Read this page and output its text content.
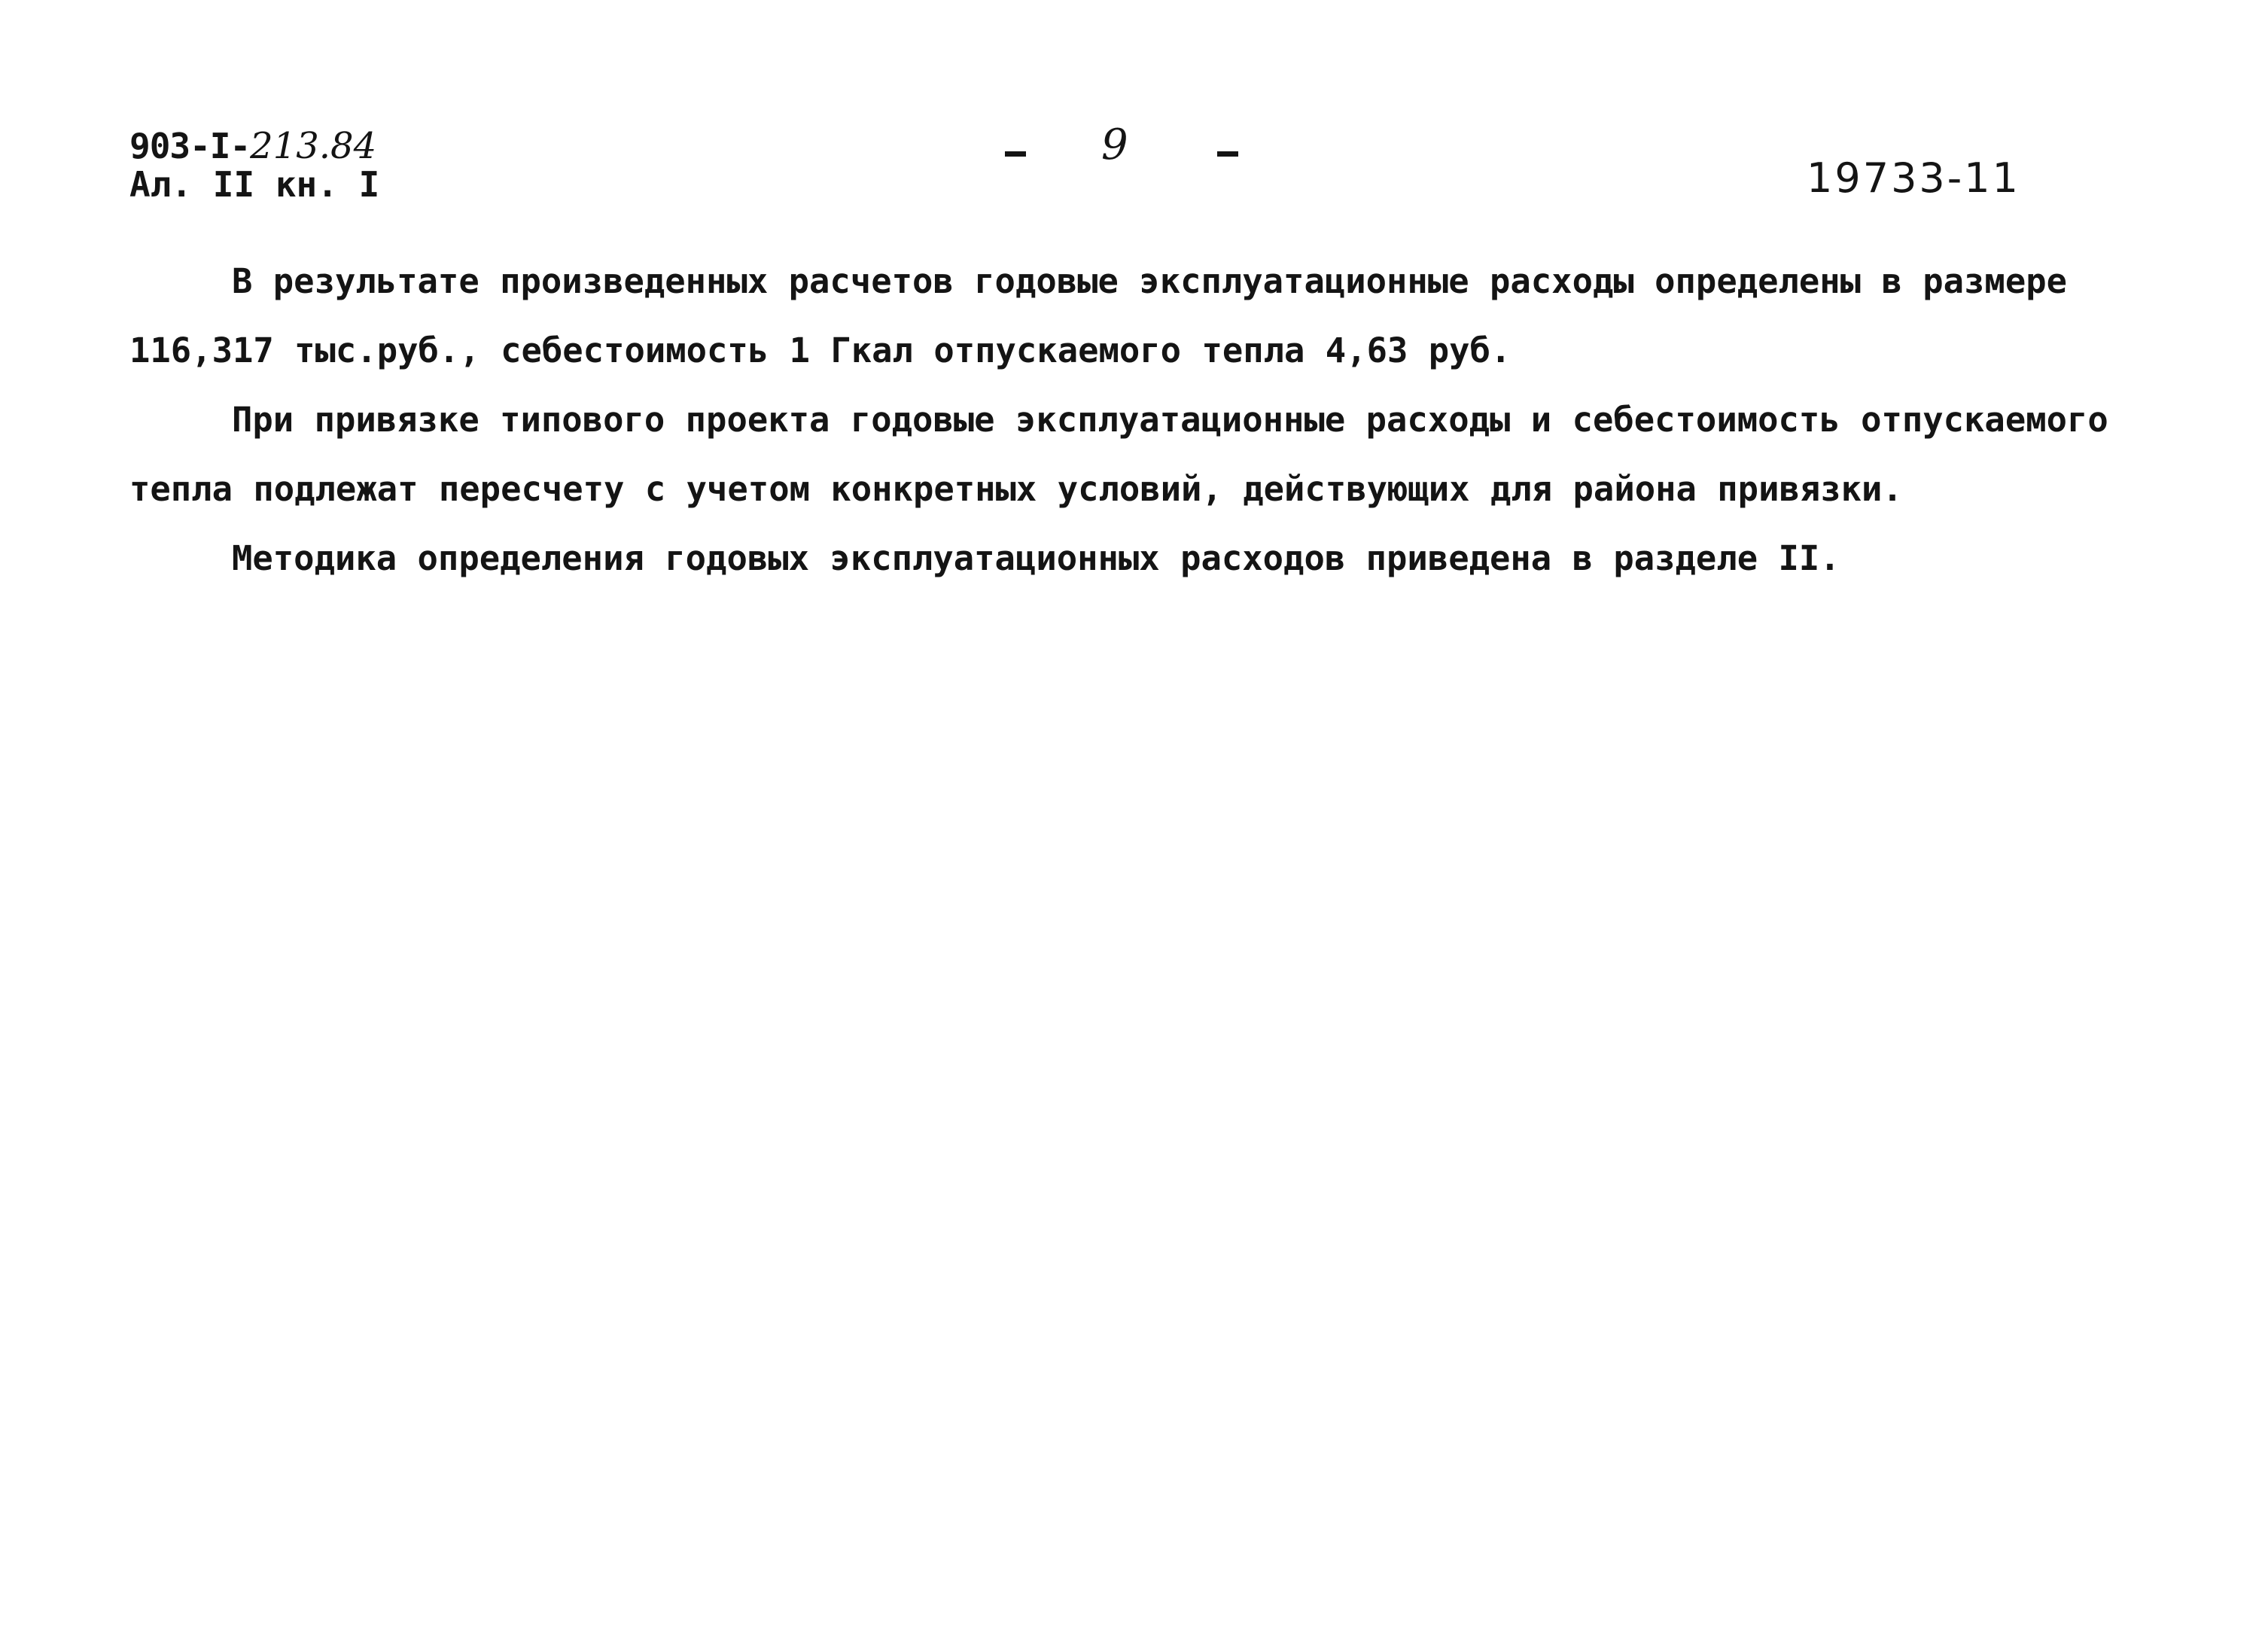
903-I-213.84
Ал. II кн. I
9
19733-11
В результате произведенных расчетов годовые эксплуатационные расходы определены в размере
116,317 тыс.руб., себестоимость 1 Гкал отпускаемого тепла 4,63 руб.
При привязке типового проекта годовые эксплуатационные расходы и себестоимость отпускаемого
тепла подлежат пересчету с учетом конкретных условий, действующих для района привязки.
Методика определения годовых эксплуатационных расходов приведена в разделе II.
